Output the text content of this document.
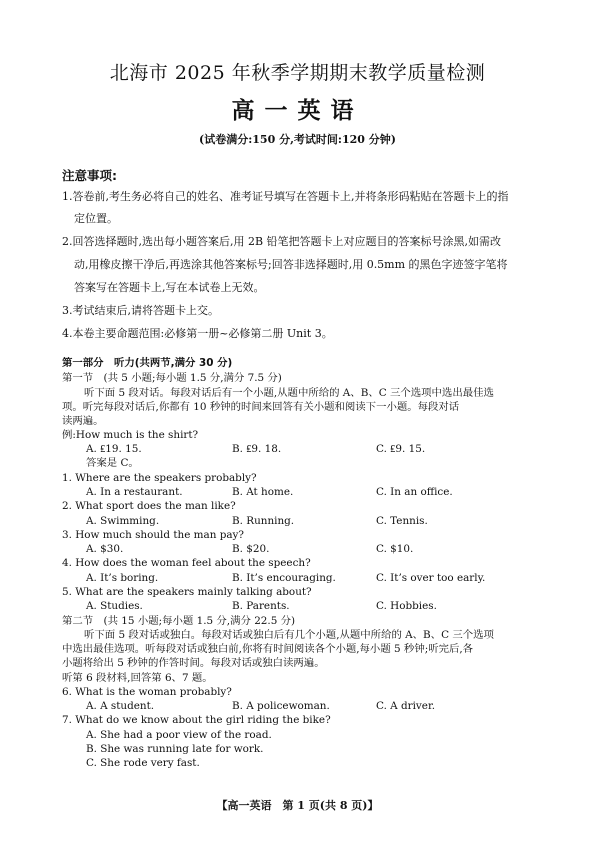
北海市 2025 年秋季学期期末教学质量检测
高一英语
(试卷满分:150 分,考试时间:120 分钟)
注意事项:
1.答卷前,考生务必将自己的姓名、准考证号填写在答题卡上,并将条形码粘贴在答题卡上的指
定位置。
2.回答选择题时,选出每小题答案后,用 2B 铅笔把答题卡上对应题目的答案标号涂黑,如需改
动,用橡皮擦干净后,再选涂其他答案标号;回答非选择题时,用 0.5mm 的黑色字迹签字笔将
答案写在答题卡上,写在本试卷上无效。
3.考试结束后,请将答题卡上交。
4.本卷主要命题范围:必修第一册~必修第二册 Unit 3。
第一部分　听力(共两节,满分 30 分)
第一节　(共 5 小题;每小题 1.5 分,满分 7.5 分)
听下面 5 段对话。每段对话后有一个小题,从题中所给的 A、B、C 三个选项中选出最佳选
项。听完每段对话后,你都有 10 秒钟的时间来回答有关小题和阅读下一小题。每段对话
读两遍。
例:How much is the shirt?
A. ₤19. 15.	B. ₤9. 18.	C. ₤9. 15.
答案是 C。
1. Where are the speakers probably?
A. In a restaurant.	B. At home.	C. In an office.
2. What sport does the man like?
A. Swimming.	B. Running.	C. Tennis.
3. How much should the man pay?
A. $30.	B. $20.	C. $10.
4. How does the woman feel about the speech?
A. It’s boring.	B. It’s encouraging.	C. It’s over too early.
5. What are the speakers mainly talking about?
A. Studies.	B. Parents.	C. Hobbies.
第二节　(共 15 小题;每小题 1.5 分,满分 22.5 分)
听下面 5 段对话或独白。每段对话或独白后有几个小题,从题中所给的 A、B、C 三个选项
中选出最佳选项。听每段对话或独白前,你将有时间阅读各个小题,每小题 5 秒钟;听完后,各
小题将给出 5 秒钟的作答时间。每段对话或独白读两遍。
听第 6 段材料,回答第 6、7 题。
6. What is the woman probably?
A. A student.	B. A policewoman.	C. A driver.
7. What do we know about the girl riding the bike?
A. She had a poor view of the road.
B. She was running late for work.
C. She rode very fast.
【高一英语　第 1 页(共 8 页)】
